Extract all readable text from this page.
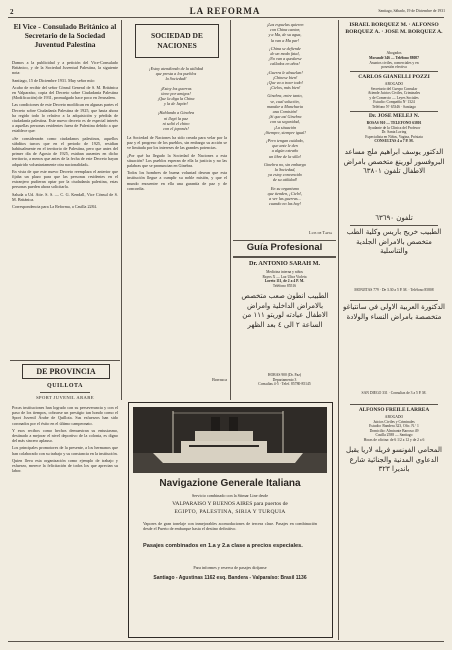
2	LA REFORMA	Santiago, Sábado, 19 de Diciembre de 1931
El Vice - Consulado Británico al Secretario de la Sociedad Juventud Palestina

Damos a la publicidad y a petición del Vice-Consulado Británico, y de la Sociedad Juventud Palestina, la siguiente nota:

Santiago, 15 de Diciembre 1931. Muy señor mío:

Acabo de recibir del señor Cónsul General de S. M. Británica en Valparaíso, copia del Decreto sobre Ciudadanía Palestina (Modificación) de 1931, promulgado hace poco en Jerusalem.

Las condiciones de este Decreto modifican en algunas partes el Decreto sobre Ciudadanía Palestina de 1925, que hasta ahora ha regido todo lo relativo a la adquisición y pérdida de ciudadanía palestina. Este nuevo decreto es de especial interés a aquellas personas residentes fuera de Palestina debido a que establece que:

«Se considerarán como ciudadanos palestinos, aquellos súbditos turcos que en el periodo de 1925, residían habitualmente en el territorio de Palestina, pero que antes del primer día de Agosto de 1925, estaban ausentes en dicho territorio, a menos que antes de la fecha de este Decreto hayan adquirido voluntariamente otra nacionalidad».

En vista de que este nuevo Decreto reemplaza el anterior que fijaba un plazo para que las personas residentes en el extranjero pudieran optar por la ciudadanía palestina, estas personas pueden ahora solicitarla.

Saluda a Ud. Atte. S. S. — C. G. Kendall, Vice Cónsul de S. M. Británica.

Correspondencia para La Reforma, a Casilla 2284.

DE PROVINCIA
QUILLOTA
SPORT JUVENIL ARABE

Pocas instituciones han logrado con su perseverancia y con el paso de los tiempos, cobrarse un prestigio tan hondo como el Sport Juvenil Árabe de Quillota. Sus esfuerzos han sido coronados por el éxito en el último campeonato.

Y esos recibos como hechos demuestran su entusiasmo, destinado a mejorar el nivel deportivo de la colonia, es digno del más sincero aplauso.

Los principales promotores de la presente, a los hermanos que han colaborado con su trabajo y su constancia en la institución.

Quien lleva esta organización como ejemplo de trabajo y esfuerzo, merece la felicitación de todos los que aprecian su labor.

SOCIEDAD DE NACIONES
¡Estoy atendiendo de la utilidad
que presta a los pueblos
la Sociedad!
¡Estoy los guerras
tiene por amigos!
¡Que la diga la China
y la de Japón!
¡Hablando a Ginebra
ni llegó la paz
ni salió el chino
con el japonés!

La Sociedad de Naciones ha sido creada para velar por la paz y el progreso de los pueblos, sin embargo su acción se ve limitada por los intereses de las grandes potencias.

¿Por qué ha llegado la Sociedad de Naciones a esta situación? Los pueblos esperan de ella la justicia y no las palabras que se pronuncian en Ginebra.

Todos los hombres de buena voluntad desean que esta institución llegue a cumplir su noble misión, y que el mundo encuentre en ella una garantía de paz y de concordia.

Borrasca
¡Las espuelas quieren
con China cantar,
y a Ma, de su agua,
la van a Ma par!
¡China se defiende
de un modo fatal,
¡No van a quedarse
callados en años!
¡Guerra le absuelan!
¡Chinese bien!
¡Que va a traer todo!
¡Cielos, más bien!
Ginebra, entre tanto,
ve, cual solución,
mandar a Manchuria
una Comisión!
¡Si que así Ginebra
con su seguridad,
¡La situación
¡Siempre, siempre igual!
¡Pero tengan cuidado,
que ante le den
a algún extraño
un libre de la silla!
Ginebra no, sin embargo
la Sociedad,
ya estoy convencido
de su utilidad!
En su organismo
que tienden, ¡Cielo!,
a ver las guerras...
cuando no las hay!
Luis de Tapia
Guía Profesional
Dr. ANTONIO SARAH M.
Medicina interna y niños
Rayos X — Luz Ultra Violeta
Loreto 111, de 2 a 4 P. M.
Teléfono 85516
الطبيب انطون صعب متخصص بالامراض الداخلية وامراض الاطفال عيادته لوريتو ١١١ من الساعة ٢ الى ٤ بعد الظهر
HORAS 900 (Dr. Paz)
Departamento 3
Consultas 4-5 · Telef. 85780-85145
ISRAEL BORQUEZ M. · ALFONSO BORQUEZ A. · JOSE M. BORQUEZ A.
Abogados
Morandé 346 — Teléfono 88087
Asuntos civiles, comerciales y en
posesión efectiva
CARLOS GIANELLI POZZI
ABOGADO
Secretario del Cuerpo Consular
Atiende Juicios Civiles, Criminales
y de Comercio — Leyes Sociales
Estudio: Compañía Nº 1324
Teléfono Nº 65346 · Santiago
Dr. JOSE MELEJ N.
ROSAS 910 — TELEFONO 63801
Ayudante de la Clínica del Profesor
Dr. Santa Loring
Especialista en Niños, Vagina, Próstata
CONSULTAS 4 a 7 P. M.
الدكتور يوسف ابراهيم ملج مساعد البروفسور لورينغ متخصص بامراض الاطفال تلفون ٦٣٨٠١
تلفون ٦٣٦٩٠
الطبيب خريج باريس وكلية الطب متخصص بالامراض الجلدية والتناسلية
MONJITAS 779 · De 3.30 a 5 P. M. · Teléfono 85808
الدكتورة العربية الاولى في سانتياغو متخصصة بامراض النساء والولادة
SAN DIEGO 331 · Consultas de 3 a 5 P. M.
ALFONSO FREILE LARREA
ABOGADO
Juicios Civiles y Criminales
Estudio: Bandera 323, Ofic. N.º 1
Domicilio: Almirante Barroso 49
Casilla 2588 — Santiago
Horas de oficina: de 6 1/2 a 12 y de 2 a 6
المحامي الفونسو فريله لاريا يقبل الدعاوي المدنية والجنائية شارع بانديرا ٣٢٣
Navigazione Generale Italiana
Servicio combinado con la Sitmar Line desde
VALPARAISO Y BUENOS AIRES para puertos de
EGIPTO, PALESTINA, SIRIA Y TURQUIA
Vapores de gran tonelaje con inmejorables acomodaciones de tercera clase. Pasajes en combinación desde el Puerto de embarque hasta el destino definitivo.
Pasajes combinados en 1.a y 2.a clase a precios especiales.
Para informes y reserva de pasajes diríjanse
Santiago - Agustinas 1162 esq. Bandera - Valparaíso: Brasil 1136
